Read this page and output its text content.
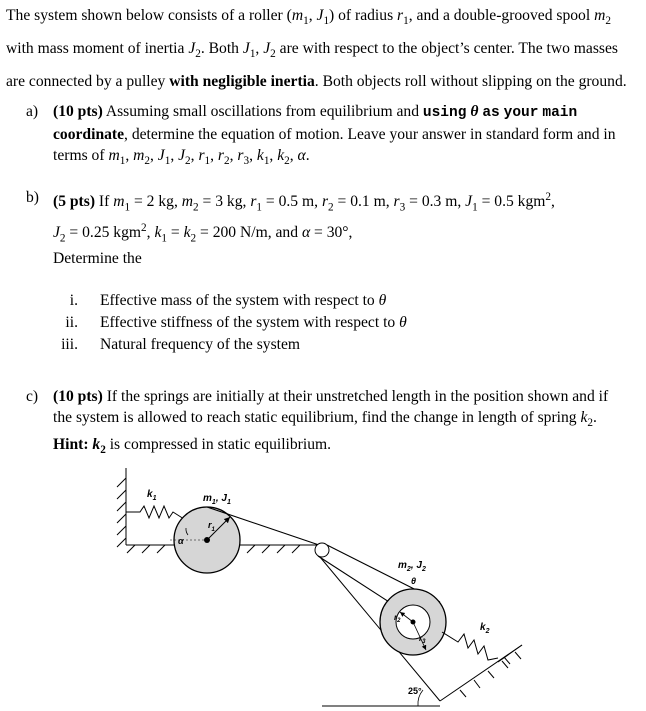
The system shown below consists of a roller ($m_1$, $J_1$) of radius $r_1$, and a double-grooved spool $m_2$

with mass moment of inertia $J_2$. Both $J_1$, $J_2$ are with respect to the object’s center. The two masses

are connected by a pulley with negligible inertia. Both objects roll without slipping on the ground.

a) (10 pts) Assuming small oscillations from equilibrium and using θ as your main
coordinate, determine the equation of motion. Leave your answer in standard form and in
terms of $m_1$, $m_2$, $J_1$, $J_2$, $r_1$, $r_2$, $r_3$, $k_1$, $k_2$, α.
b) (5 pts) If $m_1 = 2$ kg, $m_2 = 3$ kg, $r_1 = 0.5$ m, $r_2 = 0.1$ m, $r_3 = 0.3$ m, $J_1 = 0.5$ kgm$^2$,
$J_2 = 0.25$ kgm$^2$, $k_1 = k_2 = 200$ N/m, and α = 30°,
Determine the
i. Effective mass of the system with respect to θ
ii. Effective stiffness of the system with respect to θ
iii. Natural frequency of the system
c) (10 pts) If the springs are initially at their unstretched length in the position shown and if
the system is allowed to reach static equilibrium, find the change in length of spring $k_2$.
Hint: $k_2$ is compressed in static equilibrium.
$k_1$
$r_1$
$m_1$, $J_1$
α
25°
$r_2$
$r_3$
$m_2$, $J_2$
θ
$k_2$
